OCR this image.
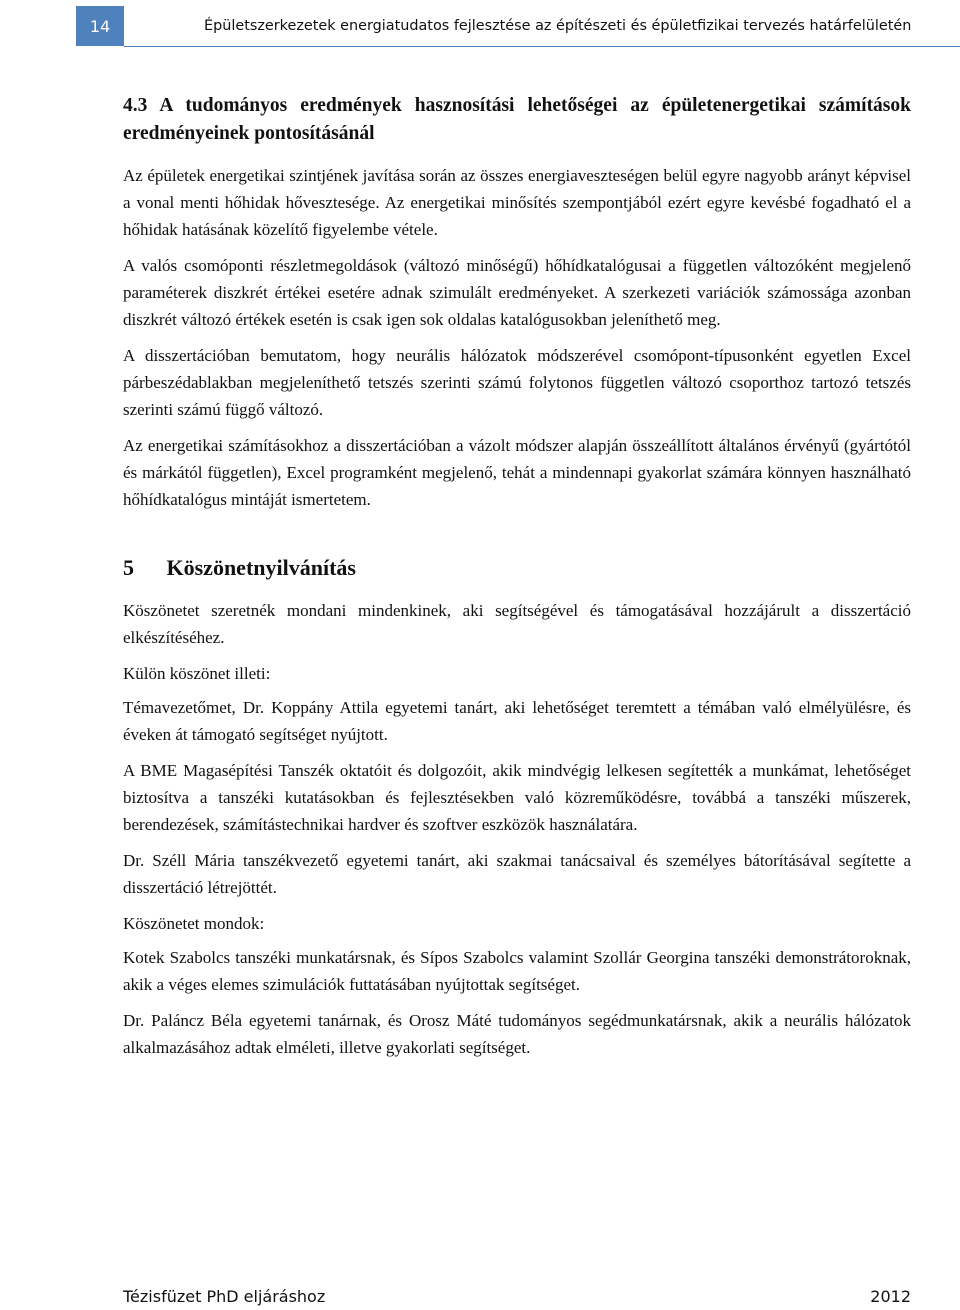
14	Épületszerkezetek energiatudatos fejlesztése az építészeti és épületfizikai tervezés határfelületén
4.3 A tudományos eredmények hasznosítási lehetőségei az épületenergetikai számítások eredményeinek pontosításánál

Az épületek energetikai szintjének javítása során az összes energiaveszteségen belül egyre nagyobb arányt képvisel a vonal menti hőhidak hővesztesége. Az energetikai minősítés szempontjából ezért egyre kevésbé fogadható el a hőhidak hatásának közelítő figyelembe vétele.

A valós csomóponti részletmegoldások (változó minőségű) hőhídkatalógusai a független változóként megjelenő paraméterek diszkrét értékei esetére adnak szimulált eredményeket. A szerkezeti variációk számossága azonban diszkrét változó értékek esetén is csak igen sok oldalas katalógusokban jeleníthető meg.

A disszertációban bemutatom, hogy neurális hálózatok módszerével csomópont-típusonként egyetlen Excel párbeszédablakban megjeleníthető tetszés szerinti számú folytonos független változó csoporthoz tartozó tetszés szerinti számú függő változó.

Az energetikai számításokhoz a disszertációban a vázolt módszer alapján összeállított általános érvényű (gyártótól és márkától független), Excel programként megjelenő, tehát a mindennapi gyakorlat számára könnyen használható hőhídkatalógus mintáját ismertetem.

5 Köszönetnyilvánítás

Köszönetet szeretnék mondani mindenkinek, aki segítségével és támogatásával hozzájárult a disszertáció elkészítéséhez.

Külön köszönet illeti:

Témavezetőmet, Dr. Koppány Attila egyetemi tanárt, aki lehetőséget teremtett a témában való elmélyülésre, és éveken át támogató segítséget nyújtott.

A BME Magasépítési Tanszék oktatóit és dolgozóit, akik mindvégig lelkesen segítették a munkámat, lehetőséget biztosítva a tanszéki kutatásokban és fejlesztésekben való közreműködésre, továbbá a tanszéki műszerek, berendezések, számítástechnikai hardver és szoftver eszközök használatára.

Dr. Széll Mária tanszékvezető egyetemi tanárt, aki szakmai tanácsaival és személyes bátorításával segítette a disszertáció létrejöttét.

Köszönetet mondok:

Kotek Szabolcs tanszéki munkatársnak, és Sípos Szabolcs valamint Szollár Georgina tanszéki demonstrátoroknak, akik a véges elemes szimulációk futtatásában nyújtottak segítséget.

Dr. Paláncz Béla egyetemi tanárnak, és Orosz Máté tudományos segédmunkatársnak, akik a neurális hálózatok alkalmazásához adtak elméleti, illetve gyakorlati segítséget.

Tézisfüzet PhD eljáráshoz	2012
